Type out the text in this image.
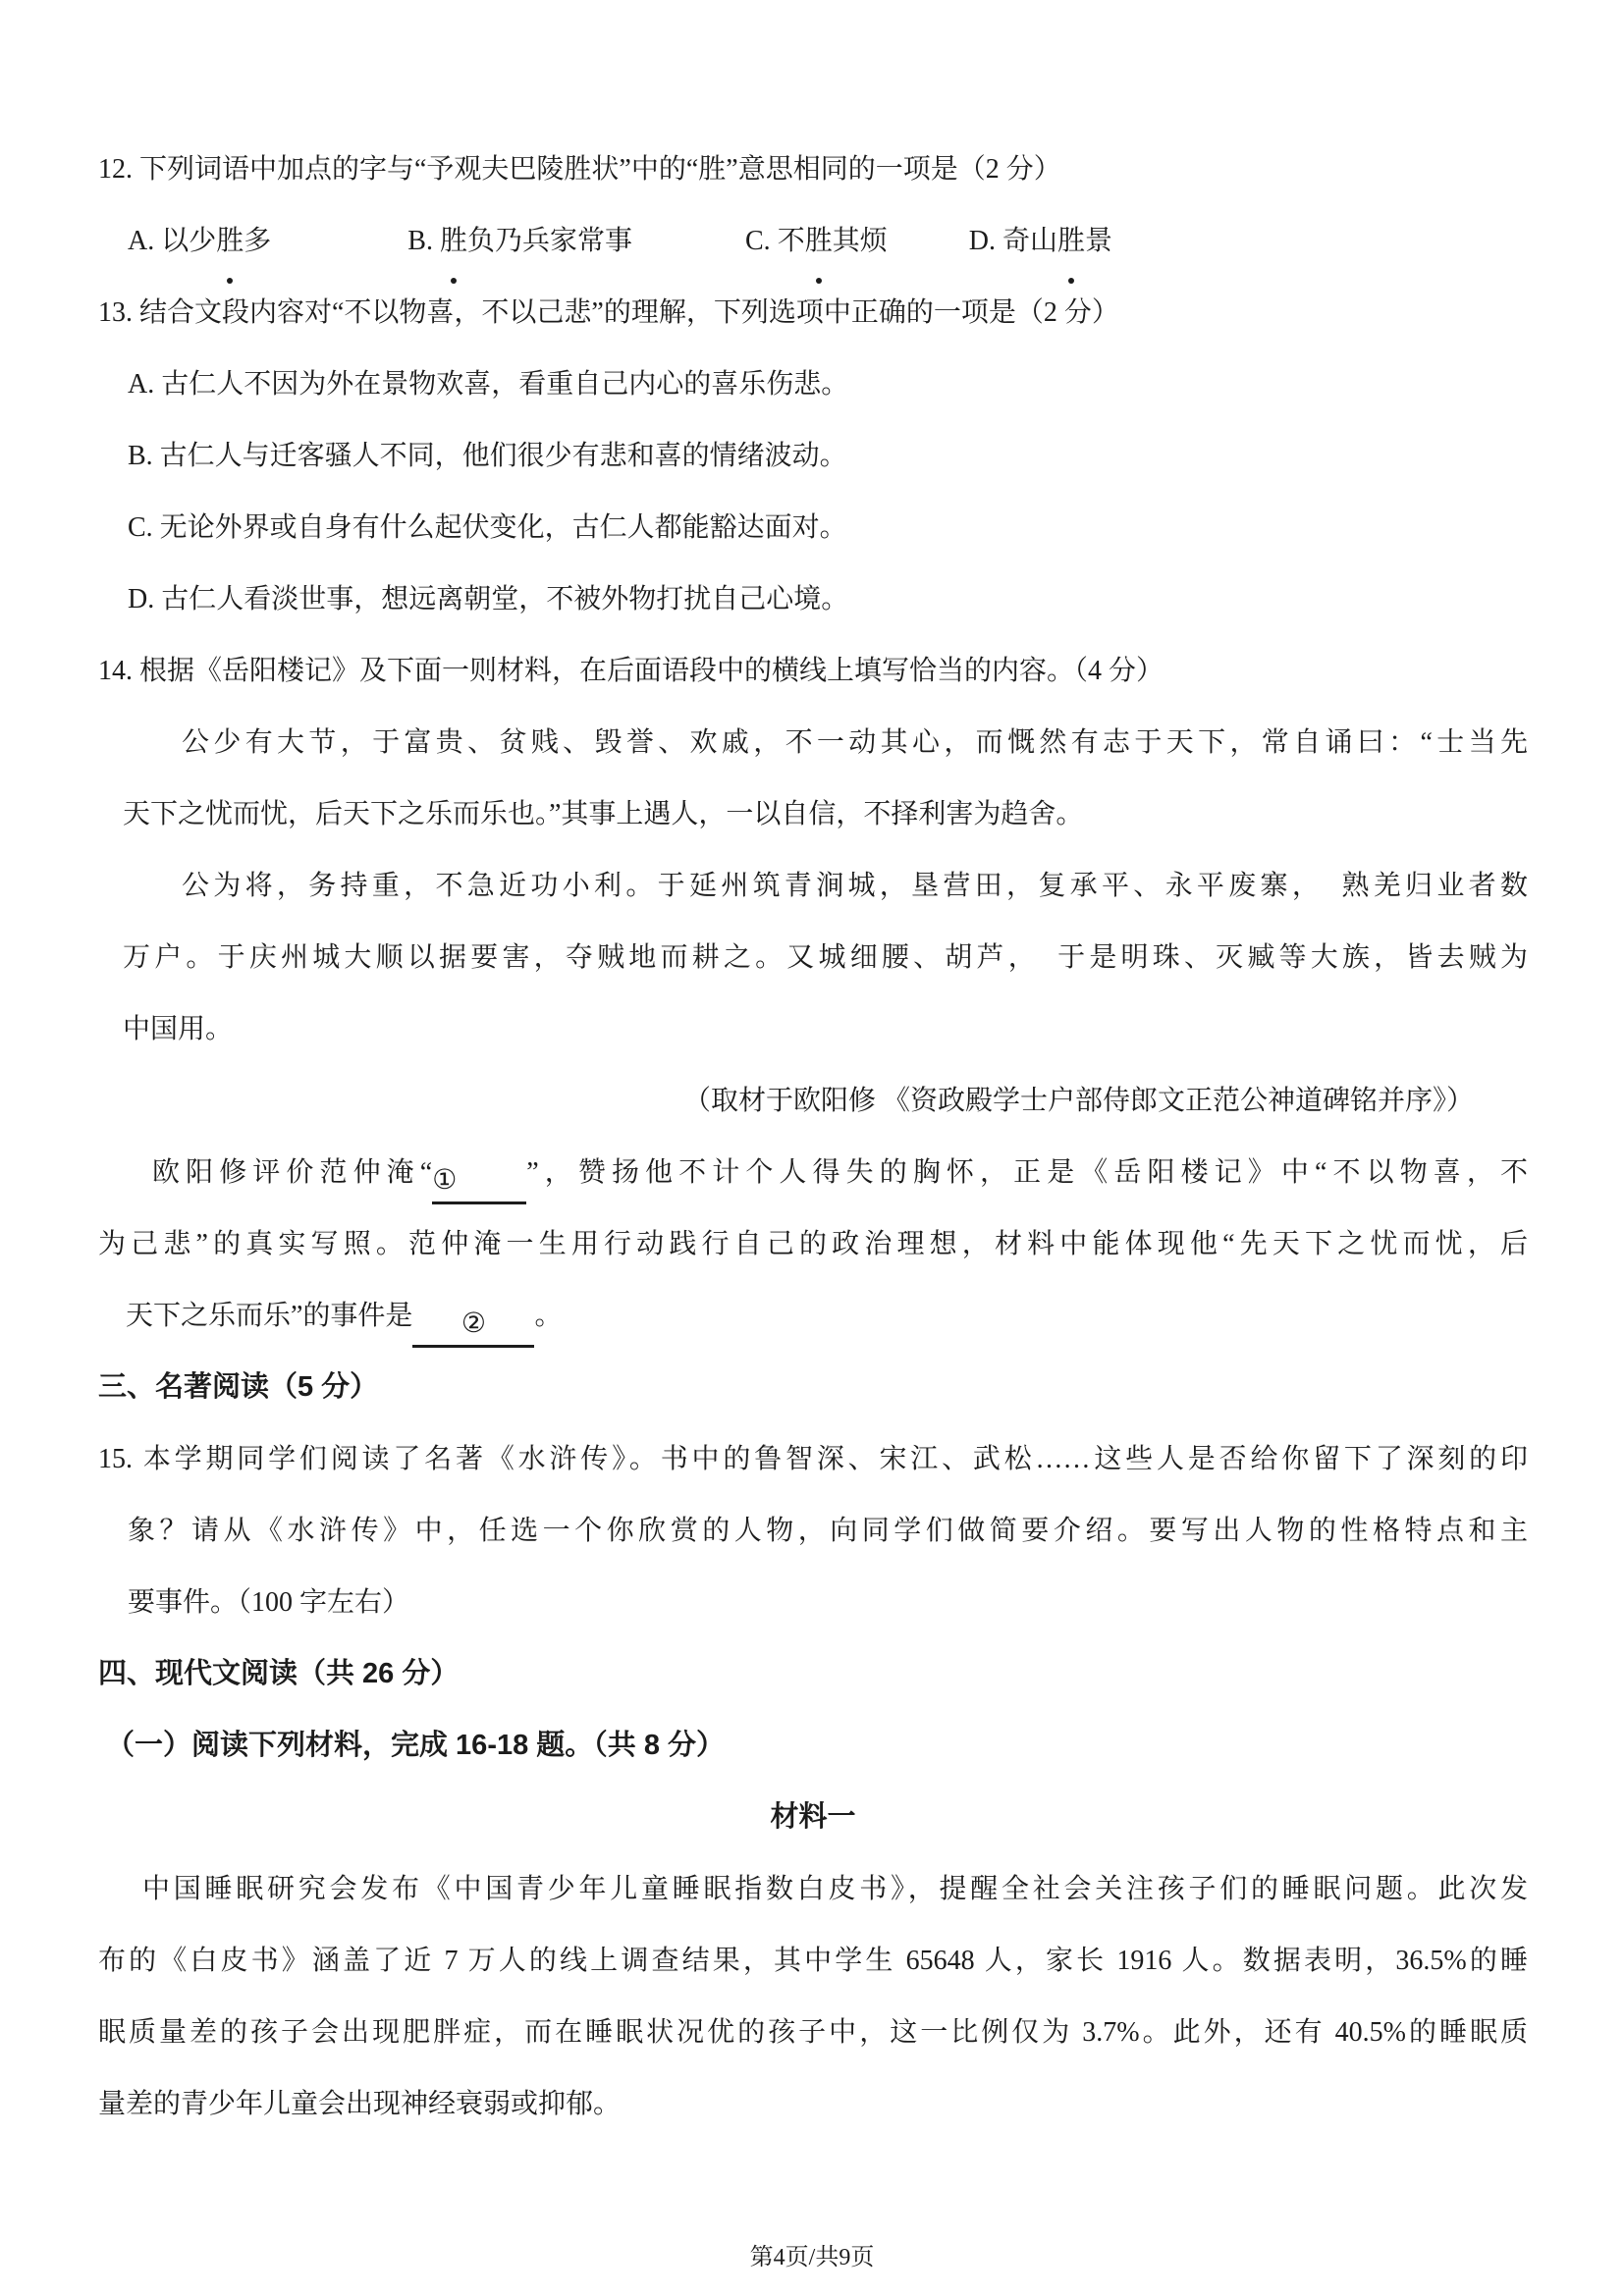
12. 下列词语中加点的字与“予观夫巴陵胜状”中的“胜”意思相同的一项是（2 分）
A. 以少胜多	B. 胜负乃兵家常事	C. 不胜其烦	D. 奇山胜景
13. 结合文段内容对“不以物喜，不以己悲”的理解，下列选项中正确的一项是（2 分）
A. 古仁人不因为外在景物欢喜，看重自己内心的喜乐伤悲。
B. 古仁人与迁客骚人不同，他们很少有悲和喜的情绪波动。
C. 无论外界或自身有什么起伏变化，古仁人都能豁达面对。
D. 古仁人看淡世事，想远离朝堂，不被外物打扰自己心境。
14. 根据《岳阳楼记》及下面一则材料，在后面语段中的横线上填写恰当的内容。（4 分）
公少有大节，于富贵、贫贱、毁誉、欢戚，不一动其心，而慨然有志于天下，常自诵曰：“士当先
天下之忧而忧，后天下之乐而乐也。”其事上遇人，一以自信，不择利害为趋舍。
公为将，务持重，不急近功小利。于延州筑青涧城，垦营田，复承平、永平废寨，　熟羌归业者数
万户。于庆州城大顺以据要害，夺贼地而耕之。又城细腰、胡芦，　于是明珠、灭臧等大族，皆去贼为
中国用。
（取材于欧阳修 《资政殿学士户部侍郎文正范公神道碑铭并序》）
欧阳修评价范仲淹“①	”，赞扬他不计个人得失的胸怀，正是《岳阳楼记》中“不以物喜，不
为己悲”的真实写照。范仲淹一生用行动践行自己的政治理想，材料中能体现他“先天下之忧而忧，后
天下之乐而乐”的事件是 ② 。
三、名著阅读（5 分）
15. 本学期同学们阅读了名著《水浒传》。书中的鲁智深、宋江、武松……这些人是否给你留下了深刻的印
象？请从《水浒传》中，任选一个你欣赏的人物，向同学们做简要介绍。要写出人物的性格特点和主
要事件。（100 字左右）
四、现代文阅读（共 26 分）
（一）阅读下列材料，完成 16-18 题。（共 8 分）
材料一
中国睡眠研究会发布《中国青少年儿童睡眠指数白皮书》，提醒全社会关注孩子们的睡眠问题。此次发
布的《白皮书》涵盖了近 7 万人的线上调查结果，其中学生 65648 人，家长 1916 人。数据表明，36.5%的睡
眠质量差的孩子会出现肥胖症，而在睡眠状况优的孩子中，这一比例仅为 3.7%。此外，还有 40.5%的睡眠质
量差的青少年儿童会出现神经衰弱或抑郁。
第4页/共9页
